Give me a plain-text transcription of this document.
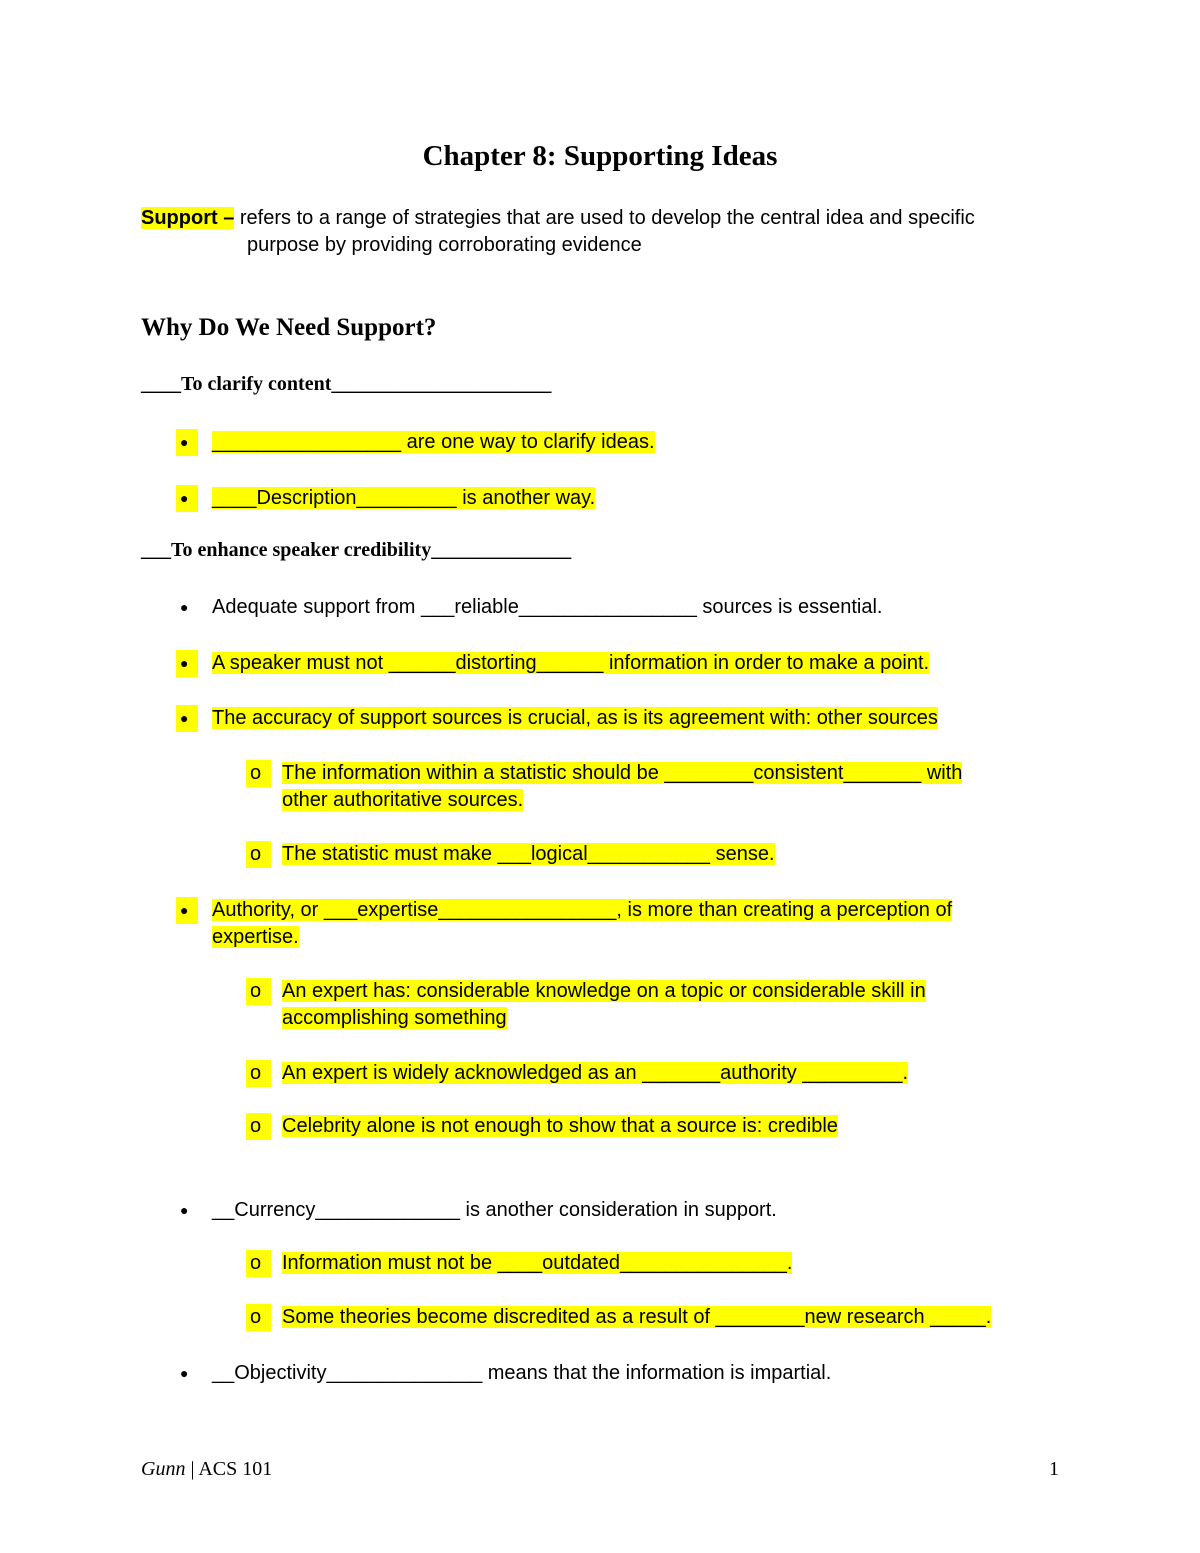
Chapter 8: Supporting Ideas
Support – refers to a range of strategies that are used to develop the central idea and specific
purpose by providing corroborating evidence
Why Do We Need Support?
____To clarify content______________________
●	_________________ are one way to clarify ideas.
●	____Description_________ is another way.
___To enhance speaker credibility______________
●	Adequate support from ___reliable________________ sources is essential.
●	A speaker must not ______distorting______ information in order to make a point.
●	The accuracy of support sources is crucial, as is its agreement with: other sources
o	The information within a statistic should be ________consistent_______ with
other authoritative sources.
o	The statistic must make ___logical___________ sense.
●	Authority, or ___expertise________________, is more than creating a perception of
expertise.
o	An expert has: considerable knowledge on a topic or considerable skill in
accomplishing something
o	An expert is widely acknowledged as an _______authority _________.
o	Celebrity alone is not enough to show that a source is: credible
●	__Currency_____________ is another consideration in support.
o	Information must not be ____outdated_______________.
o	Some theories become discredited as a result of ________new research _____.
●	__Objectivity______________ means that the information is impartial.
Gunn | ACS 101	1
